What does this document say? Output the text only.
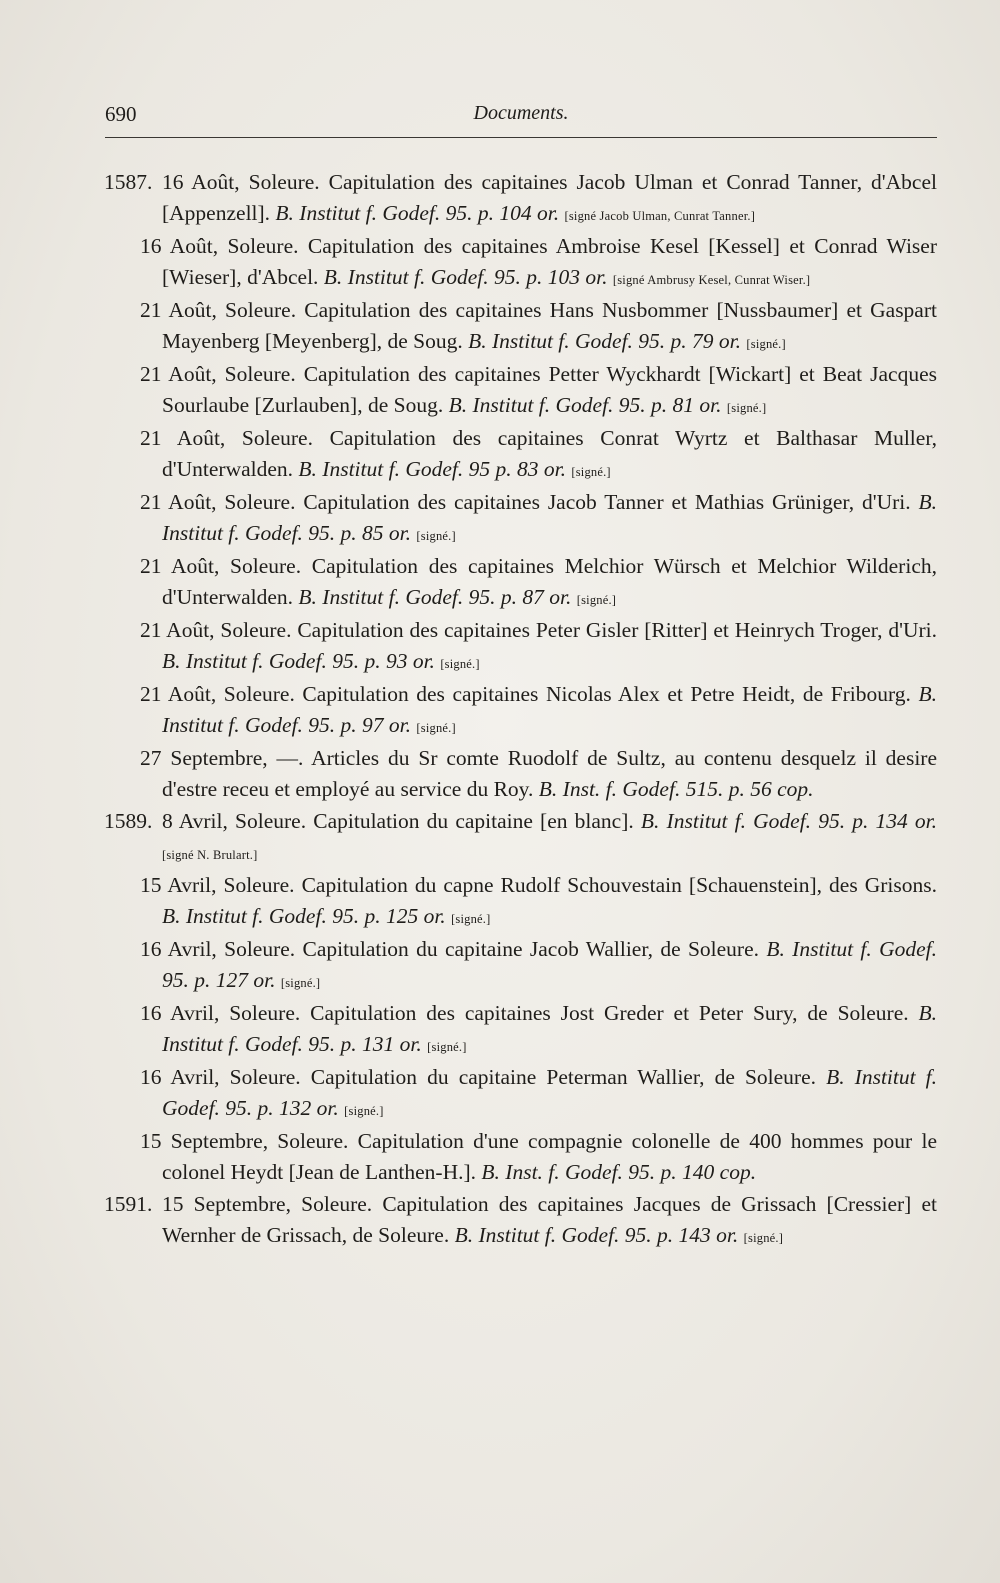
690	Documents.
1587. 16 Août, Soleure. Capitulation des capitaines Jacob Ulman et Conrad Tanner, d'Abcel [Appenzell]. B. Institut f. Godef. 95. p. 104 or. [signé Jacob Ulman, Cunrat Tanner.]
16 Août, Soleure. Capitulation des capitaines Ambroise Kesel [Kessel] et Conrad Wiser [Wieser], d'Abcel. B. Institut f. Godef. 95. p. 103 or. [signé Ambrusy Kesel, Cunrat Wiser.]
21 Août, Soleure. Capitulation des capitaines Hans Nusbommer [Nussbaumer] et Gaspart Mayenberg [Meyenberg], de Soug. B. Institut f. Godef. 95. p. 79 or. [signé.]
21 Août, Soleure. Capitulation des capitaines Petter Wyckhardt [Wickart] et Beat Jacques Sourlaube [Zurlauben], de Soug. B. Institut f. Godef. 95. p. 81 or. [signé.]
21 Août, Soleure. Capitulation des capitaines Conrat Wyrtz et Balthasar Muller, d'Unterwalden. B. Institut f. Godef. 95 p. 83 or. [signé.]
21 Août, Soleure. Capitulation des capitaines Jacob Tanner et Mathias Grüniger, d'Uri. B. Institut f. Godef. 95. p. 85 or. [signé.]
21 Août, Soleure. Capitulation des capitaines Melchior Würsch et Melchior Wilderich, d'Unterwalden. B. Institut f. Godef. 95. p. 87 or. [signé.]
21 Août, Soleure. Capitulation des capitaines Peter Gisler [Ritter] et Heinrych Troger, d'Uri. B. Institut f. Godef. 95. p. 93 or. [signé.]
21 Août, Soleure. Capitulation des capitaines Nicolas Alex et Petre Heidt, de Fribourg. B. Institut f. Godef. 95. p. 97 or. [signé.]
27 Septembre, —. Articles du Sr comte Ruodolf de Sultz, au contenu desquelz il desire d'estre receu et employé au service du Roy. B. Inst. f. Godef. 515. p. 56 cop.
1589. 8 Avril, Soleure. Capitulation du capitaine [en blanc]. B. Institut f. Godef. 95. p. 134 or. [signé N. Brulart.]
15 Avril, Soleure. Capitulation du capne Rudolf Schouvestain [Schauenstein], des Grisons. B. Institut f. Godef. 95. p. 125 or. [signé.]
16 Avril, Soleure. Capitulation du capitaine Jacob Wallier, de Soleure. B. Institut f. Godef. 95. p. 127 or. [signé.]
16 Avril, Soleure. Capitulation des capitaines Jost Greder et Peter Sury, de Soleure. B. Institut f. Godef. 95. p. 131 or. [signé.]
16 Avril, Soleure. Capitulation du capitaine Peterman Wallier, de Soleure. B. Institut f. Godef. 95. p. 132 or. [signé.]
15 Septembre, Soleure. Capitulation d'une compagnie colonelle de 400 hommes pour le colonel Heydt [Jean de Lanthen-H.]. B. Inst. f. Godef. 95. p. 140 cop.
1591. 15 Septembre, Soleure. Capitulation des capitaines Jacques de Grissach [Cressier] et Wernher de Grissach, de Soleure. B. Institut f. Godef. 95. p. 143 or. [signé.]
